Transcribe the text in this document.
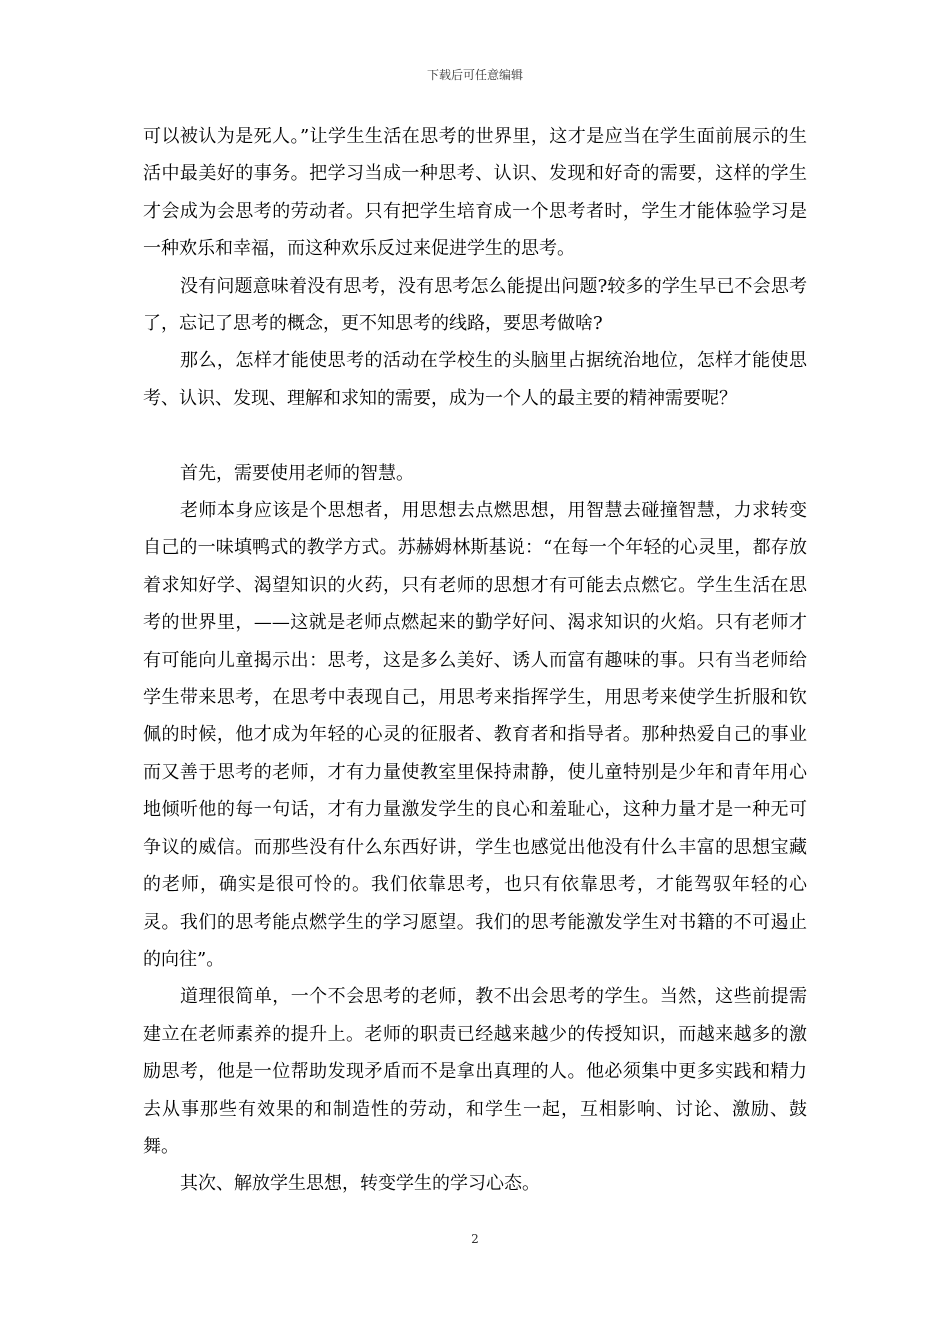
下载后可任意编辑

可以被认为是死人。”让学生生活在思考的世界里，这才是应当在学生面前展示的生活中最美好的事务。把学习当成一种思考、认识、发现和好奇的需要，这样的学生才会成为会思考的劳动者。只有把学生培育成一个思考者时，学生才能体验学习是一种欢乐和幸福，而这种欢乐反过来促进学生的思考。

没有问题意味着没有思考，没有思考怎么能提出问题?较多的学生早已不会思考了，忘记了思考的概念，更不知思考的线路，要思考做啥?

那么，怎样才能使思考的活动在学校生的头脑里占据统治地位，怎样才能使思考、认识、发现、理解和求知的需要，成为一个人的最主要的精神需要呢？

首先，需要使用老师的智慧。

老师本身应该是个思想者，用思想去点燃思想，用智慧去碰撞智慧，力求转变自己的一味填鸭式的教学方式。苏赫姆林斯基说：“在每一个年轻的心灵里，都存放着求知好学、渴望知识的火药，只有老师的思想才有可能去点燃它。学生生活在思考的世界里，——这就是老师点燃起来的勤学好问、渴求知识的火焰。只有老师才有可能向儿童揭示出：思考，这是多么美好、诱人而富有趣味的事。只有当老师给学生带来思考，在思考中表现自己，用思考来指挥学生，用思考来使学生折服和钦佩的时候，他才成为年轻的心灵的征服者、教育者和指导者。那种热爱自己的事业而又善于思考的老师，才有力量使教室里保持肃静，使儿童特别是少年和青年用心地倾听他的每一句话，才有力量激发学生的良心和羞耻心，这种力量才是一种无可争议的威信。而那些没有什么东西好讲，学生也感觉出他没有什么丰富的思想宝藏的老师，确实是很可怜的。我们依靠思考，也只有依靠思考，才能驾驭年轻的心灵。我们的思考能点燃学生的学习愿望。我们的思考能激发学生对书籍的不可遏止的向往”。

道理很简单，一个不会思考的老师，教不出会思考的学生。当然，这些前提需建立在老师素养的提升上。老师的职责已经越来越少的传授知识，而越来越多的激励思考，他是一位帮助发现矛盾而不是拿出真理的人。他必须集中更多实践和精力去从事那些有效果的和制造性的劳动，和学生一起，互相影响、讨论、激励、鼓舞。

其次、解放学生思想，转变学生的学习心态。

2
